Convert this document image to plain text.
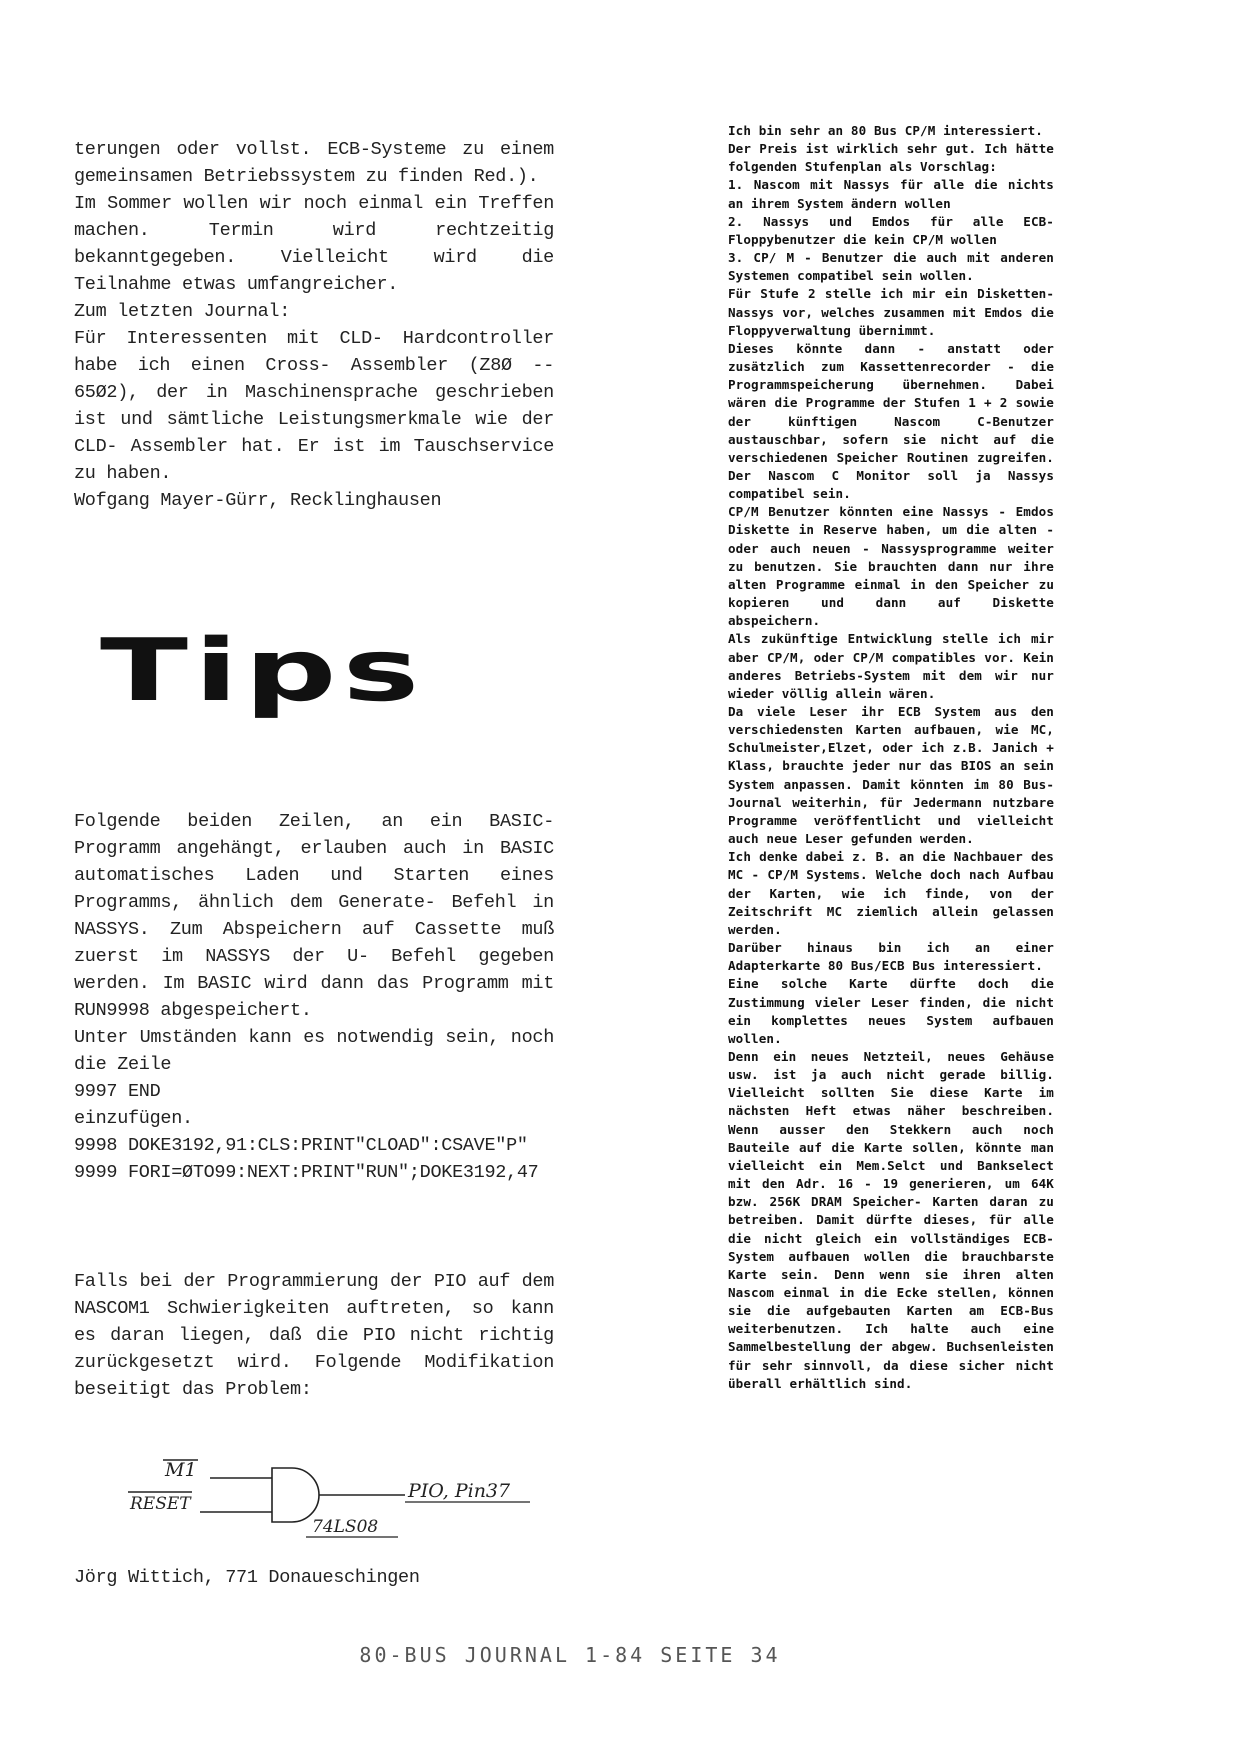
terungen oder vollst. ECB-Systeme zu einem gemeinsamen Betriebssystem zu finden Red.).

Im Sommer wollen wir noch einmal ein Treffen machen. Termin wird rechtzeitig bekanntgegeben. Vielleicht wird die Teilnahme etwas umfangreicher.

Zum letzten Journal:

Für Interessenten mit CLD- Hardcontroller habe ich einen Cross- Assembler (Z8Ø -- 65Ø2), der in Maschinensprache geschrieben ist und sämtliche Leistungsmerkmale wie der CLD- Assembler hat. Er ist im Tauschservice zu haben.

Wofgang Mayer-Gürr, Recklinghausen

Tips

Folgende beiden Zeilen, an ein BASIC- Programm angehängt, erlauben auch in BASIC automatisches Laden und Starten eines Programms, ähnlich dem Generate- Befehl in NASSYS. Zum Abspeichern auf Cassette muß zuerst im NASSYS der U- Befehl gegeben werden. Im BASIC wird dann das Programm mit RUN9998 abgespeichert.

Unter Umständen kann es notwendig sein, noch die Zeile

9997 END
einzufügen.
9998 DOKE3192,91:CLS:PRINT"CLOAD":CSAVE"P"
9999 FORI=ØTO99:NEXT:PRINT"RUN";DOKE3192,47

Falls bei der Programmierung der PIO auf dem NASCOM1 Schwierigkeiten auftreten, so kann es daran liegen, daß die PIO nicht richtig zurückgesetzt wird. Folgende Modifikation beseitigt das Problem:

M1
RESET
PIO, Pin37
74LS08

Jörg Wittich, 771 Donaueschingen

Ich bin sehr an 80 Bus CP/M interessiert.

Der Preis ist wirklich sehr gut. Ich hätte folgenden Stufenplan als Vorschlag:

1. Nascom mit Nassys für alle die nichts an ihrem System ändern wollen

2. Nassys und Emdos für alle ECB-Floppybenutzer die kein CP/M wollen

3. CP/ M - Benutzer die auch mit anderen Systemen compatibel sein wollen.

Für Stufe 2 stelle ich mir ein Disketten-Nassys vor, welches zusammen mit Emdos die Floppyverwaltung übernimmt.

Dieses könnte dann - anstatt oder zusätzlich zum Kassettenrecorder - die Programmspeicherung übernehmen. Dabei wären die Programme der Stufen 1 + 2 sowie der künftigen Nascom C-Benutzer austauschbar, sofern sie nicht auf die verschiedenen Speicher Routinen zugreifen. Der Nascom C Monitor soll ja Nassys compatibel sein.

CP/M Benutzer könnten eine Nassys - Emdos Diskette in Reserve haben, um die alten - oder auch neuen - Nassysprogramme weiter zu benutzen. Sie brauchten dann nur ihre alten Programme einmal in den Speicher zu kopieren und dann auf Diskette abspeichern.

Als zukünftige Entwicklung stelle ich mir aber CP/M, oder CP/M compatibles vor. Kein anderes Betriebs-System mit dem wir nur wieder völlig allein wären.

Da viele Leser ihr ECB System aus den verschiedensten Karten aufbauen, wie MC, Schulmeister,Elzet, oder ich z.B. Janich + Klass, brauchte jeder nur das BIOS an sein System anpassen. Damit könnten im 80 Bus-Journal weiterhin, für Jedermann nutzbare Programme veröffentlicht und vielleicht auch neue Leser gefunden werden.

Ich denke dabei z. B. an die Nachbauer des MC - CP/M Systems. Welche doch nach Aufbau der Karten, wie ich finde, von der Zeitschrift MC ziemlich allein gelassen werden.

Darüber hinaus bin ich an einer Adapterkarte 80 Bus/ECB Bus interessiert.

Eine solche Karte dürfte doch die Zustimmung vieler Leser finden, die nicht ein komplettes neues System aufbauen wollen.

Denn ein neues Netzteil, neues Gehäuse usw. ist ja auch nicht gerade billig. Vielleicht sollten Sie diese Karte im nächsten Heft etwas näher beschreiben. Wenn ausser den Stekkern auch noch Bauteile auf die Karte sollen, könnte man vielleicht ein Mem.Selct und Bankselect mit den Adr. 16 - 19 generieren, um 64K bzw. 256K DRAM Speicher- Karten daran zu betreiben. Damit dürfte dieses, für alle die nicht gleich ein vollständiges ECB-System aufbauen wollen die brauchbarste Karte sein. Denn wenn sie ihren alten Nascom einmal in die Ecke stellen, können sie die aufgebauten Karten am ECB-Bus weiterbenutzen. Ich halte auch eine Sammelbestellung der abgew. Buchsenleisten für sehr sinnvoll, da diese sicher nicht überall erhältlich sind.

80-BUS JOURNAL 1-84 SEITE 34
